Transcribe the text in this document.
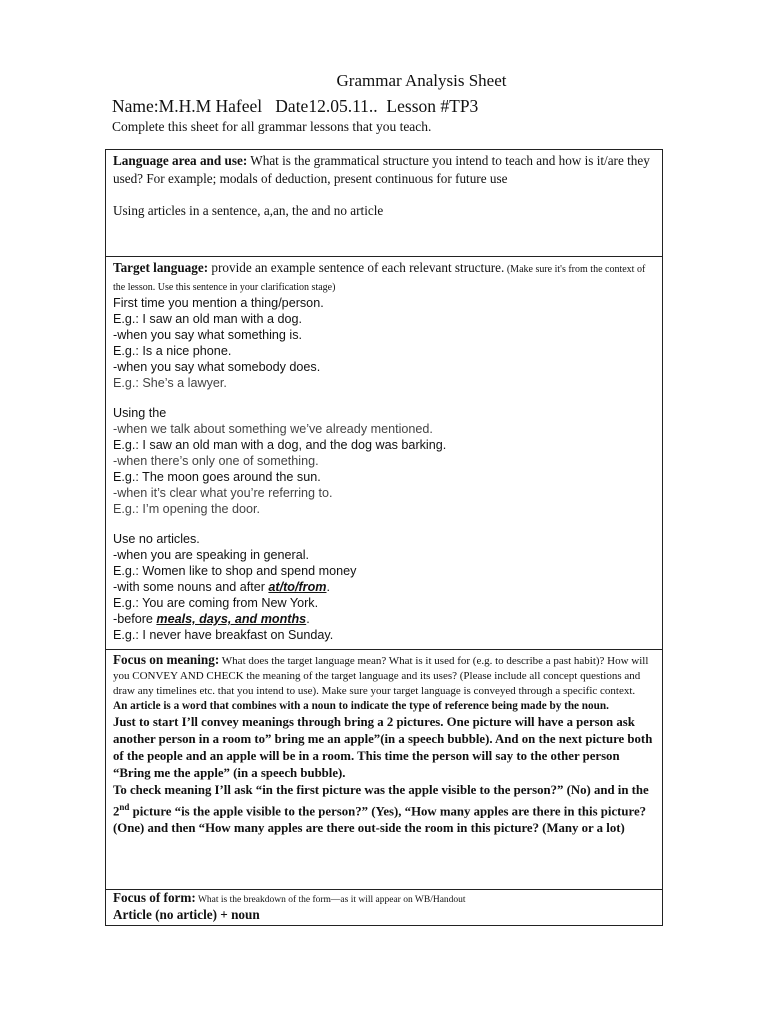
Grammar Analysis Sheet
Name:M.H.M Hafeel   Date12.05.11..  Lesson #TP3
Complete this sheet for all grammar lessons that you teach.

Language area and use: What is the grammatical structure you intend to teach and how is it/are they used? For example; modals of deduction, present continuous for future use

Using articles in a sentence, a,an, the and no article

Target language: provide an example sentence of each relevant structure. (Make sure it's from the context of the lesson. Use this sentence in your clarification stage)

First time you mention a thing/person.
E.g.: I saw an old man with a dog.
-when you say what something is.
E.g.: Is a nice phone.
-when you say what somebody does.
E.g.: She’s a lawyer.
Using the
-when we talk about something we’ve already mentioned.
E.g.: I saw an old man with a dog, and the dog was barking.
-when there’s only one of something.
E.g.: The moon goes around the sun.
-when it’s clear what you’re referring to.
E.g.: I’m opening the door.
Use no articles.
-when you are speaking in general.
E.g.: Women like to shop and spend money
-with some nouns and after at/to/from.
E.g.: You are coming from New York.
-before meals, days, and months.
E.g.: I never have breakfast on Sunday.

Focus on meaning: What does the target language mean? What is it used for (e.g. to describe a past habit)? How will you CONVEY AND CHECK the meaning of the target language and its uses? (Please include all concept questions and draw any timelines etc. that you intend to use). Make sure your target language is conveyed through a specific context.

An article is a word that combines with a noun to indicate the type of reference being made by the noun.

Just to start I’ll convey meanings through bring a 2 pictures. One picture will have a person ask another person in a room to” bring me an apple”(in a speech bubble). And on the next picture both of the people and an apple will be in a room. This time the person will say to the other person “Bring me the apple” (in a speech bubble).

To check meaning I’ll ask “in the first picture was the apple visible to the person?” (No) and in the 2nd picture “is the apple visible to the person?” (Yes), “How many apples are there in this picture? (One) and then “How many apples are there out-side the room in this picture? (Many or a lot)

Focus of form: What is the breakdown of the form—as it will appear on WB/Handout

Article (no article) + noun
